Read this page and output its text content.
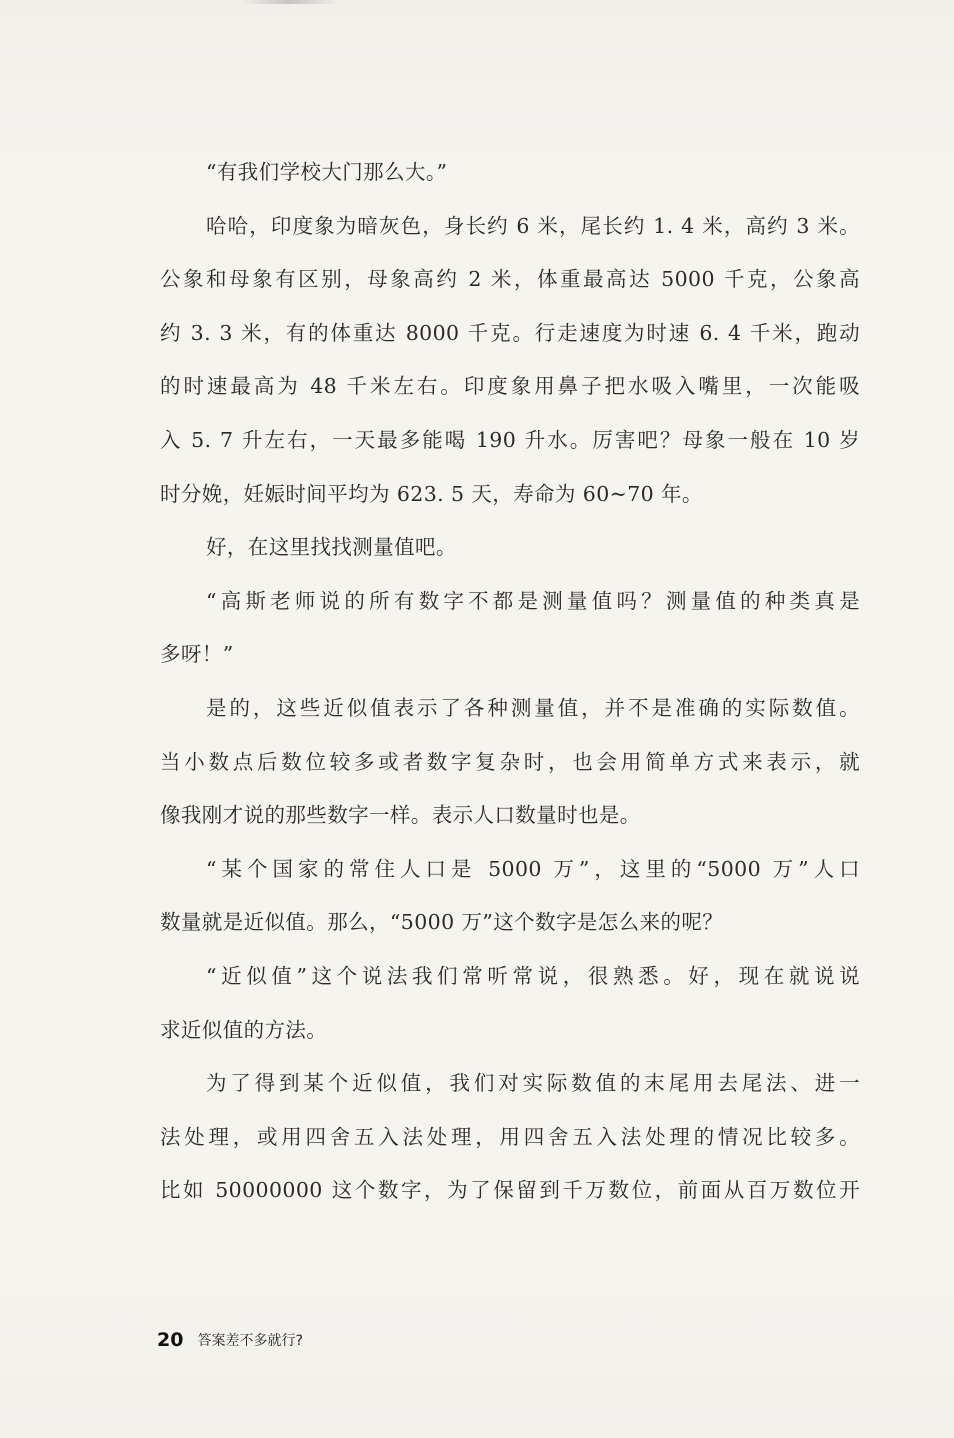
“有我们学校大门那么大。”
哈哈，印度象为暗灰色，身长约 6 米，尾长约 1. 4 米，高约 3 米。
公象和母象有区别，母象高约 2 米，体重最高达 5000 千克，公象高
约 3. 3 米，有的体重达 8000 千克。行走速度为时速 6. 4 千米，跑动
的时速最高为 48 千米左右。印度象用鼻子把水吸入嘴里，一次能吸
入 5. 7 升左右，一天最多能喝 190 升水。厉害吧？母象一般在 10 岁
时分娩，妊娠时间平均为 623. 5 天，寿命为 60~70 年。
好，在这里找找测量值吧。
“高斯老师说的所有数字不都是测量值吗？测量值的种类真是
多呀！”
是的，这些近似值表示了各种测量值，并不是准确的实际数值。
当小数点后数位较多或者数字复杂时，也会用简单方式来表示，就
像我刚才说的那些数字一样。表示人口数量时也是。
“某个国家的常住人口是 5000 万”，这里的“5000 万”人口
数量就是近似值。那么，“5000 万”这个数字是怎么来的呢？
“近似值”这个说法我们常听常说，很熟悉。好，现在就说说
求近似值的方法。
为了得到某个近似值，我们对实际数值的末尾用去尾法、进一
法处理，或用四舍五入法处理，用四舍五入法处理的情况比较多。
比如 50000000 这个数字，为了保留到千万数位，前面从百万数位开
20 答案差不多就行?
